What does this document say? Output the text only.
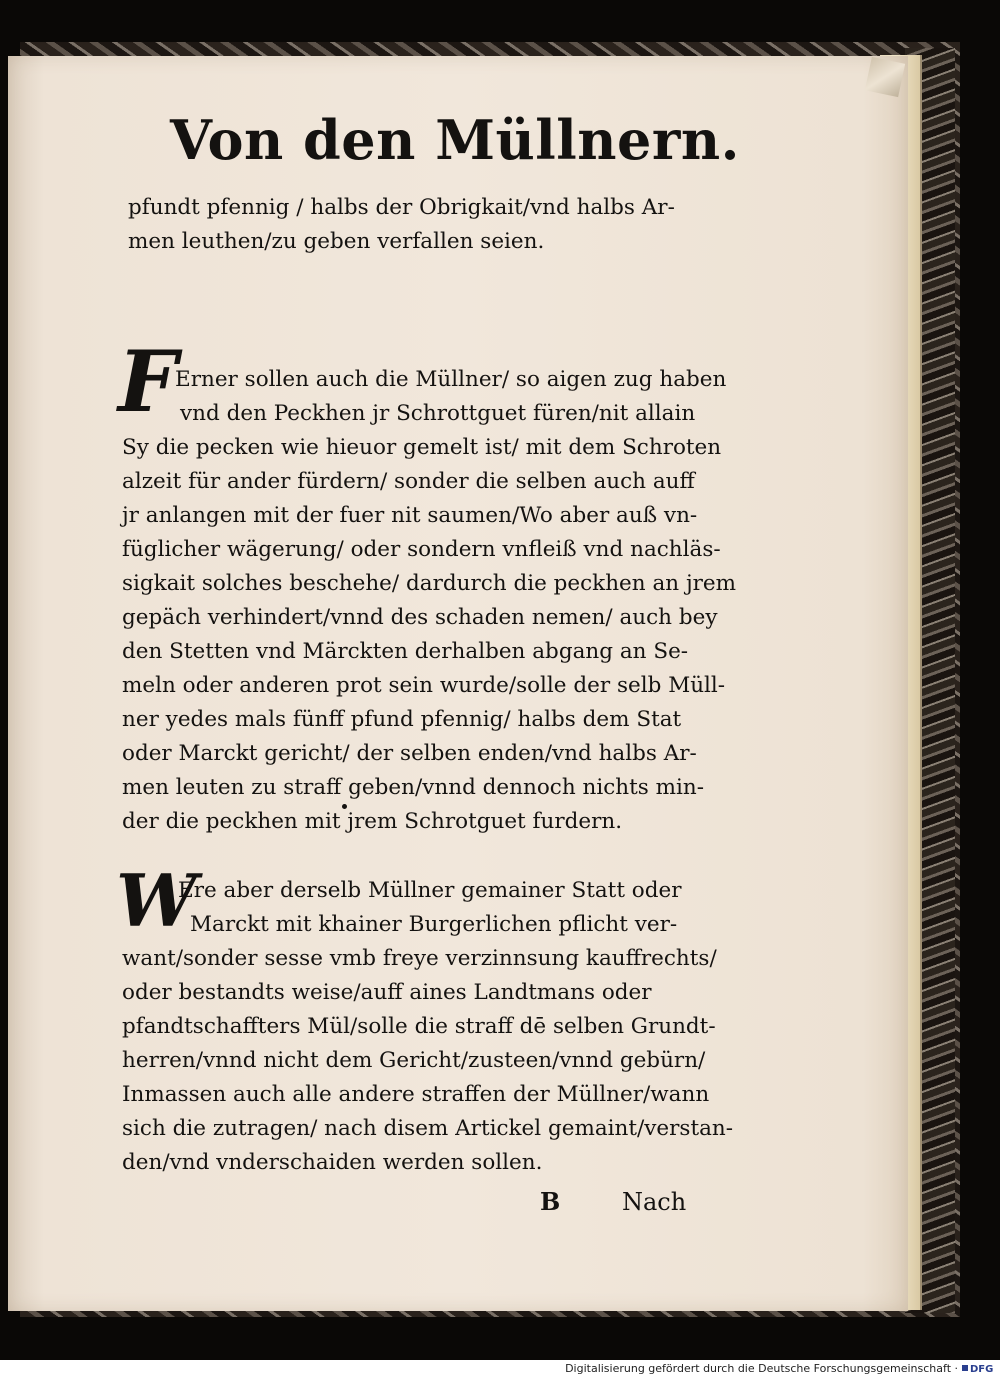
Von den Müllnern.
pfundt pfennig / halbs der Obrigkait/vnd halbs Ar-
men leuthen/zu geben verfallen seien.
F
Erner sollen auch die Müllner/ so aigen zug haben
vnd den Peckhen jr Schrottguet füren/nit allain
Sy die pecken wie hieuor gemelt ist/ mit dem Schroten
alzeit für ander fürdern/ sonder die selben auch auff
jr anlangen mit der fuer nit saumen/Wo aber auß vn-
füglicher wägerung/ oder sondern vnfleiß vnd nachläs-
sigkait solches beschehe/ dardurch die peckhen an jrem
gepäch verhindert/vnnd des schaden nemen/ auch bey
den Stetten vnd Märckten derhalben abgang an Se-
meln oder anderen prot sein wurde/solle der selb Müll-
ner yedes mals fünff pfund pfennig/ halbs dem Stat
oder Marckt gericht/ der selben enden/vnd halbs Ar-
men leuten zu straff geben/vnnd dennoch nichts min-
der die peckhen mit jrem Schrotguet furdern.
W
Ere aber derselb Müllner gemainer Statt oder
Marckt mit khainer Burgerlichen pflicht ver-
want/sonder sesse vmb freye verzinnsung kauffrechts/
oder bestandts weise/auff aines Landtmans oder
pfandtschaffters Mül/solle die straff dē selben Grundt-
herren/vnnd nicht dem Gericht/zusteen/vnnd gebürn/
Inmassen auch alle andere straffen der Müllner/wann
sich die zutragen/ nach disem Artickel gemaint/verstan-
den/vnd vnderschaiden werden sollen.
B	Nach
Digitalisierung gefördert durch die Deutsche Forschungsgemeinschaft ·	DFG
